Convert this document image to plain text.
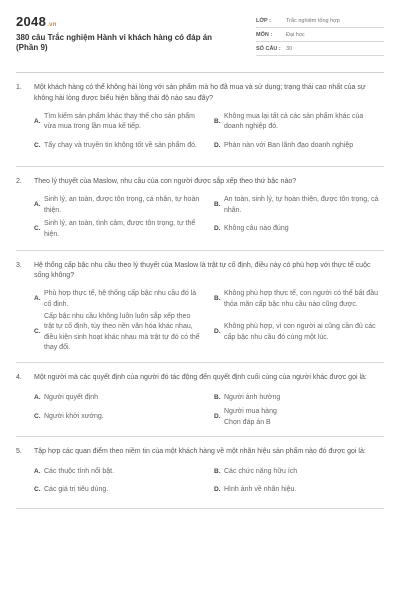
2048.vn
380 câu Trắc nghiệm Hành vi khách hàng có đáp án (Phần 9)
LỚP :	Trắc nghiệm tổng hợp
MÔN :	Đại học
SỐ CÂU : 30
1.	Một khách hàng có thể không hài lòng với sản phẩm mà họ đã mua và sử dụng; trạng thái cao nhất của sự không hài lòng được biểu hiện bằng thái độ nào sau đây?
A.
Tìm kiếm sản phẩm khác thay thế cho sản phẩm vừa mua trong lần mua kế tiếp.
B.
Không mua lại tất cả các sản phẩm khác của doanh nghiệp đó.
C. Tẩy chay và truyền tin không tốt về sản phẩm đó.	D. Phàn nàn với Ban lãnh đạo doanh nghiệp
2.	Theo lý thuyết của Maslow, nhu cầu của con người được sắp xếp theo thứ bậc nào?
A.
Sinh lý, an toàn, được tôn trọng, cá nhân, tự hoàn thiện.
B.
An toàn, sinh lý, tự hoàn thiện, được tôn trọng, cá nhân.
C.
Sinh lý, an toàn, tình cảm, được tôn trọng, tự thể hiện.
D. Không câu nào đúng
3.	Hệ thống cấp bậc nhu cầu theo lý thuyết của Maslow là trật tự cố định, điều này có phù hợp với thực tế cuộc sống không?
A.
Phù hợp thực tế, hệ thống cấp bậc nhu cầu đó là cố định.
B.
Không phù hợp thực tế, con người có thể bất đầu thỏa mãn cấp bậc nhu cầu nào cũng được.
C.
Cấp bậc nhu cầu không luôn luôn sắp xếp theo trật tự cố định, tùy theo nền văn hóa khác nhau, điều kiện sinh hoạt khác nhau mà trật tự đó có thể thay đổi.
D.
Không phù hợp, vì con người ai cũng cần đủ các cấp bậc nhu cầu đó cùng một lúc.
4.	Một người mà các quyết định của người đó tác động đến quyết định cuối cùng của người khác được gọi là:
A. Người quyết định	B. Người ảnh hưởng
C. Người khởi xướng.	D.
Người mua hàng
Chọn đáp án B
5.	Tập hợp các quan điểm theo niềm tin của một khách hàng về một nhãn hiệu sản phẩm nào đó được gọi là:
A. Các thuộc tính nổi bật.	B. Các chức năng hữu ích
C. Các giá trị tiêu dùng.	D. Hình ảnh về nhãn hiệu.
